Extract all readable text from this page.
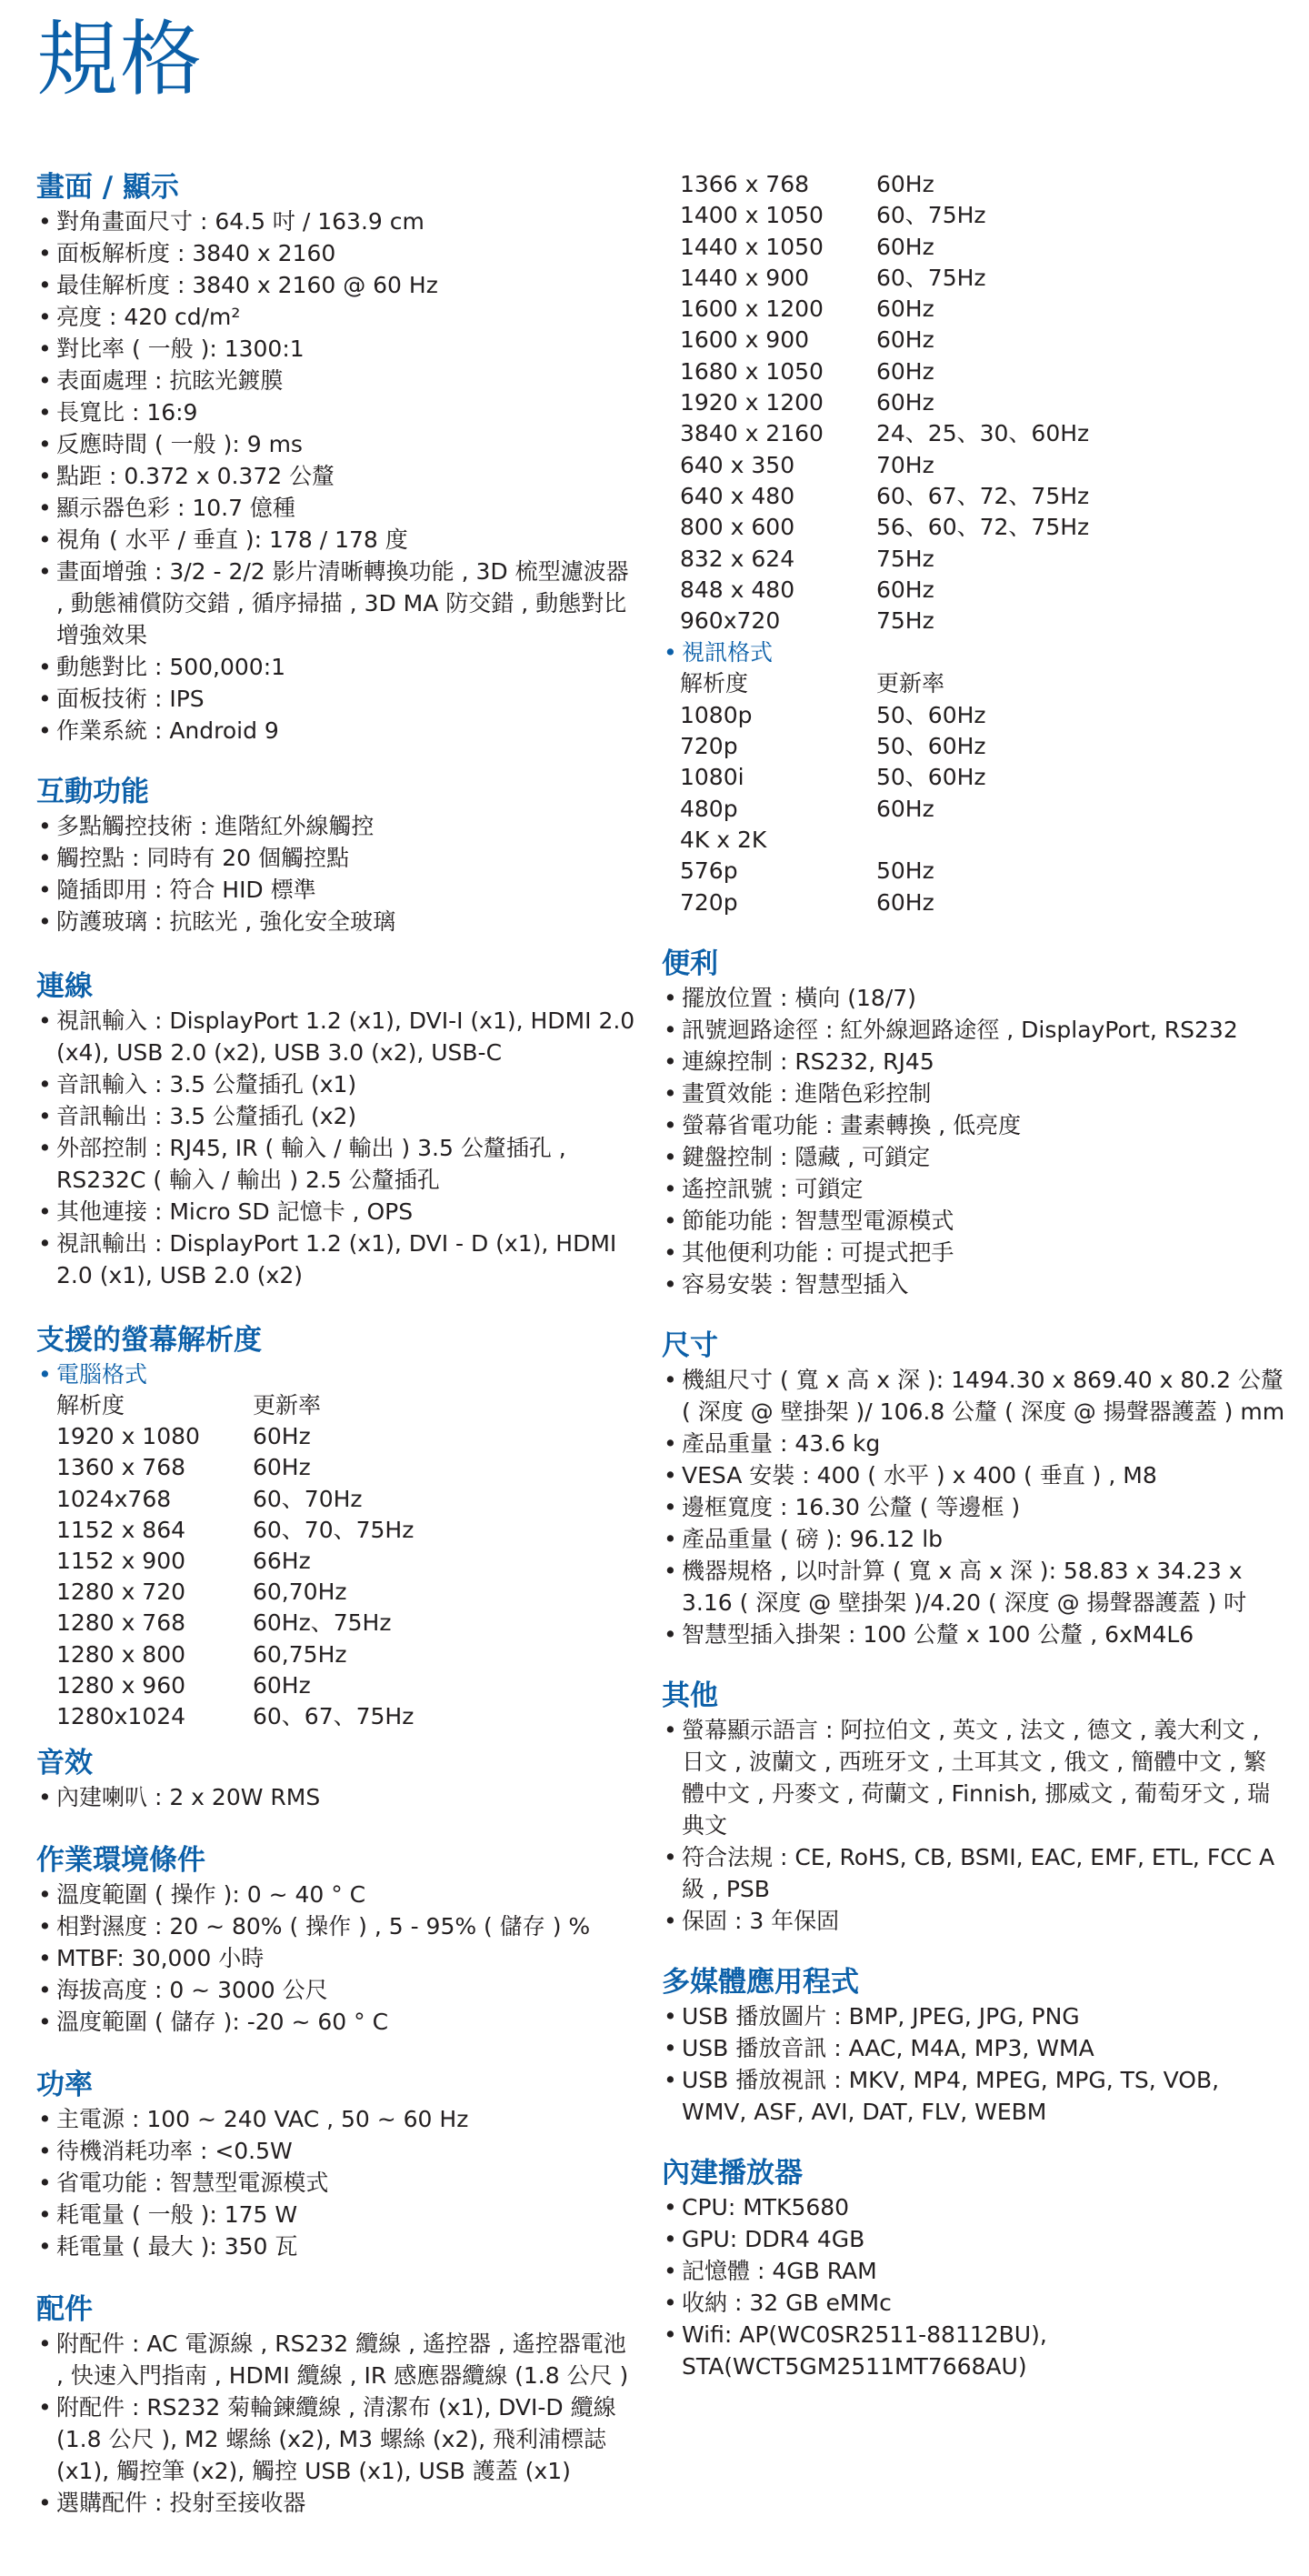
規格
畫面 / 顯示
• 對角畫面尺寸 : 64.5 吋 / 163.9 cm
• 面板解析度 : 3840 x 2160
• 最佳解析度 : 3840 x 2160 @ 60 Hz
• 亮度 : 420 cd/m²
• 對比率 ( 一般 ): 1300:1
• 表面處理 : 抗眩光鍍膜
• 長寬比 : 16:9
• 反應時間 ( 一般 ): 9 ms
• 點距 : 0.372 x 0.372 公釐
• 顯示器色彩 : 10.7 億種
• 視角 ( 水平 / 垂直 ): 178 / 178 度
• 畫面增強 : 3/2 - 2/2 影片清晰轉換功能 , 3D 梳型濾波器 , 動態補償防交錯 , 循序掃描 , 3D MA 防交錯 , 動態對比增強效果
• 動態對比 : 500,000:1
• 面板技術 : IPS
• 作業系統 : Android 9
互動功能
• 多點觸控技術 : 進階紅外線觸控
• 觸控點 : 同時有 20 個觸控點
• 隨插即用 : 符合 HID 標準
• 防護玻璃 : 抗眩光 , 強化安全玻璃
連線
• 視訊輸入 : DisplayPort 1.2 (x1), DVI-I (x1), HDMI 2.0 (x4), USB 2.0 (x2), USB 3.0 (x2), USB-C
• 音訊輸入 : 3.5 公釐插孔 (x1)
• 音訊輸出 : 3.5 公釐插孔 (x2)
• 外部控制 : RJ45, IR ( 輸入 / 輸出 ) 3.5 公釐插孔 , RS232C ( 輸入 / 輸出 ) 2.5 公釐插孔
• 其他連接 : Micro SD 記憶卡 , OPS
• 視訊輸出 : DisplayPort 1.2 (x1), DVI - D (x1), HDMI 2.0 (x1), USB 2.0 (x2)
支援的螢幕解析度
• 電腦格式
解析度	更新率
1920 x 1080	60Hz
1360 x 768	60Hz
1024x768	60、70Hz
1152 x 864	60、70、75Hz
1152 x 900	66Hz
1280 x 720	60,70Hz
1280 x 768	60Hz、75Hz
1280 x 800	60,75Hz
1280 x 960	60Hz
1280x1024	60、67、75Hz
音效
• 內建喇叭 : 2 x 20W RMS
作業環境條件
• 溫度範圍 ( 操作 ): 0 ~ 40 ° C
• 相對濕度 : 20 ~ 80% ( 操作 ) , 5 - 95% ( 儲存 ) %
• MTBF: 30,000 小時
• 海拔高度 : 0 ~ 3000 公尺
• 溫度範圍 ( 儲存 ): -20 ~ 60 ° C
功率
• 主電源 : 100 ~ 240 VAC , 50 ~ 60 Hz
• 待機消耗功率 : <0.5W
• 省電功能 : 智慧型電源模式
• 耗電量 ( 一般 ): 175 W
• 耗電量 ( 最大 ): 350 瓦
配件
• 附配件 : AC 電源線 , RS232 纜線 , 遙控器 , 遙控器電池 , 快速入門指南 , HDMI 纜線 , IR 感應器纜線 (1.8 公尺 )
• 附配件 : RS232 菊輪鍊纜線 , 清潔布 (x1), DVI-D 纜線 (1.8 公尺 ), M2 螺絲 (x2), M3 螺絲 (x2), 飛利浦標誌 (x1), 觸控筆 (x2), 觸控 USB (x1), USB 護蓋 (x1)
• 選購配件 : 投射至接收器
1366 x 768	60Hz
1400 x 1050	60、75Hz
1440 x 1050	60Hz
1440 x 900	60、75Hz
1600 x 1200	60Hz
1600 x 900	60Hz
1680 x 1050	60Hz
1920 x 1200	60Hz
3840 x 2160	24、25、30、60Hz
640 x 350	70Hz
640 x 480	60、67、72、75Hz
800 x 600	56、60、72、75Hz
832 x 624	75Hz
848 x 480	60Hz
960x720	75Hz
• 視訊格式
解析度	更新率
1080p	50、60Hz
720p	50、60Hz
1080i	50、60Hz
480p	60Hz
4K x 2K
576p	50Hz
720p	60Hz
便利
• 擺放位置 : 橫向 (18/7)
• 訊號迴路途徑 : 紅外線迴路途徑 , DisplayPort, RS232
• 連線控制 : RS232, RJ45
• 畫質效能 : 進階色彩控制
• 螢幕省電功能 : 畫素轉換 , 低亮度
• 鍵盤控制 : 隱藏 , 可鎖定
• 遙控訊號 : 可鎖定
• 節能功能 : 智慧型電源模式
• 其他便利功能 : 可提式把手
• 容易安裝 : 智慧型插入
尺寸
• 機組尺寸 ( 寬 x 高 x 深 ): 1494.30 x 869.40 x 80.2 公釐 ( 深度 @ 壁掛架 )/ 106.8 公釐 ( 深度 @ 揚聲器護蓋 ) mm
• 產品重量 : 43.6 kg
• VESA 安裝 : 400 ( 水平 ) x 400 ( 垂直 ) , M8
• 邊框寬度 : 16.30 公釐 ( 等邊框 )
• 產品重量 ( 磅 ): 96.12 lb
• 機器規格 , 以吋計算 ( 寬 x 高 x 深 ): 58.83 x 34.23 x 3.16 ( 深度 @ 壁掛架 )/4.20 ( 深度 @ 揚聲器護蓋 ) 吋
• 智慧型插入掛架 : 100 公釐 x 100 公釐 , 6xM4L6
其他
• 螢幕顯示語言 : 阿拉伯文 , 英文 , 法文 , 德文 , 義大利文 , 日文 , 波蘭文 , 西班牙文 , 土耳其文 , 俄文 , 簡體中文 , 繁體中文 , 丹麥文 , 荷蘭文 , Finnish, 挪威文 , 葡萄牙文 , 瑞典文
• 符合法規 : CE, RoHS, CB, BSMI, EAC, EMF, ETL, FCC A 級 , PSB
• 保固 : 3 年保固
多媒體應用程式
• USB 播放圖片 : BMP, JPEG, JPG, PNG
• USB 播放音訊 : AAC, M4A, MP3, WMA
• USB 播放視訊 : MKV, MP4, MPEG, MPG, TS, VOB, WMV, ASF, AVI, DAT, FLV, WEBM
內建播放器
• CPU: MTK5680
• GPU: DDR4 4GB
• 記憶體 : 4GB RAM
• 收納 : 32 GB eMMc
• Wifi: AP(WC0SR2511-88112BU), STA(WCT5GM2511MT7668AU)
